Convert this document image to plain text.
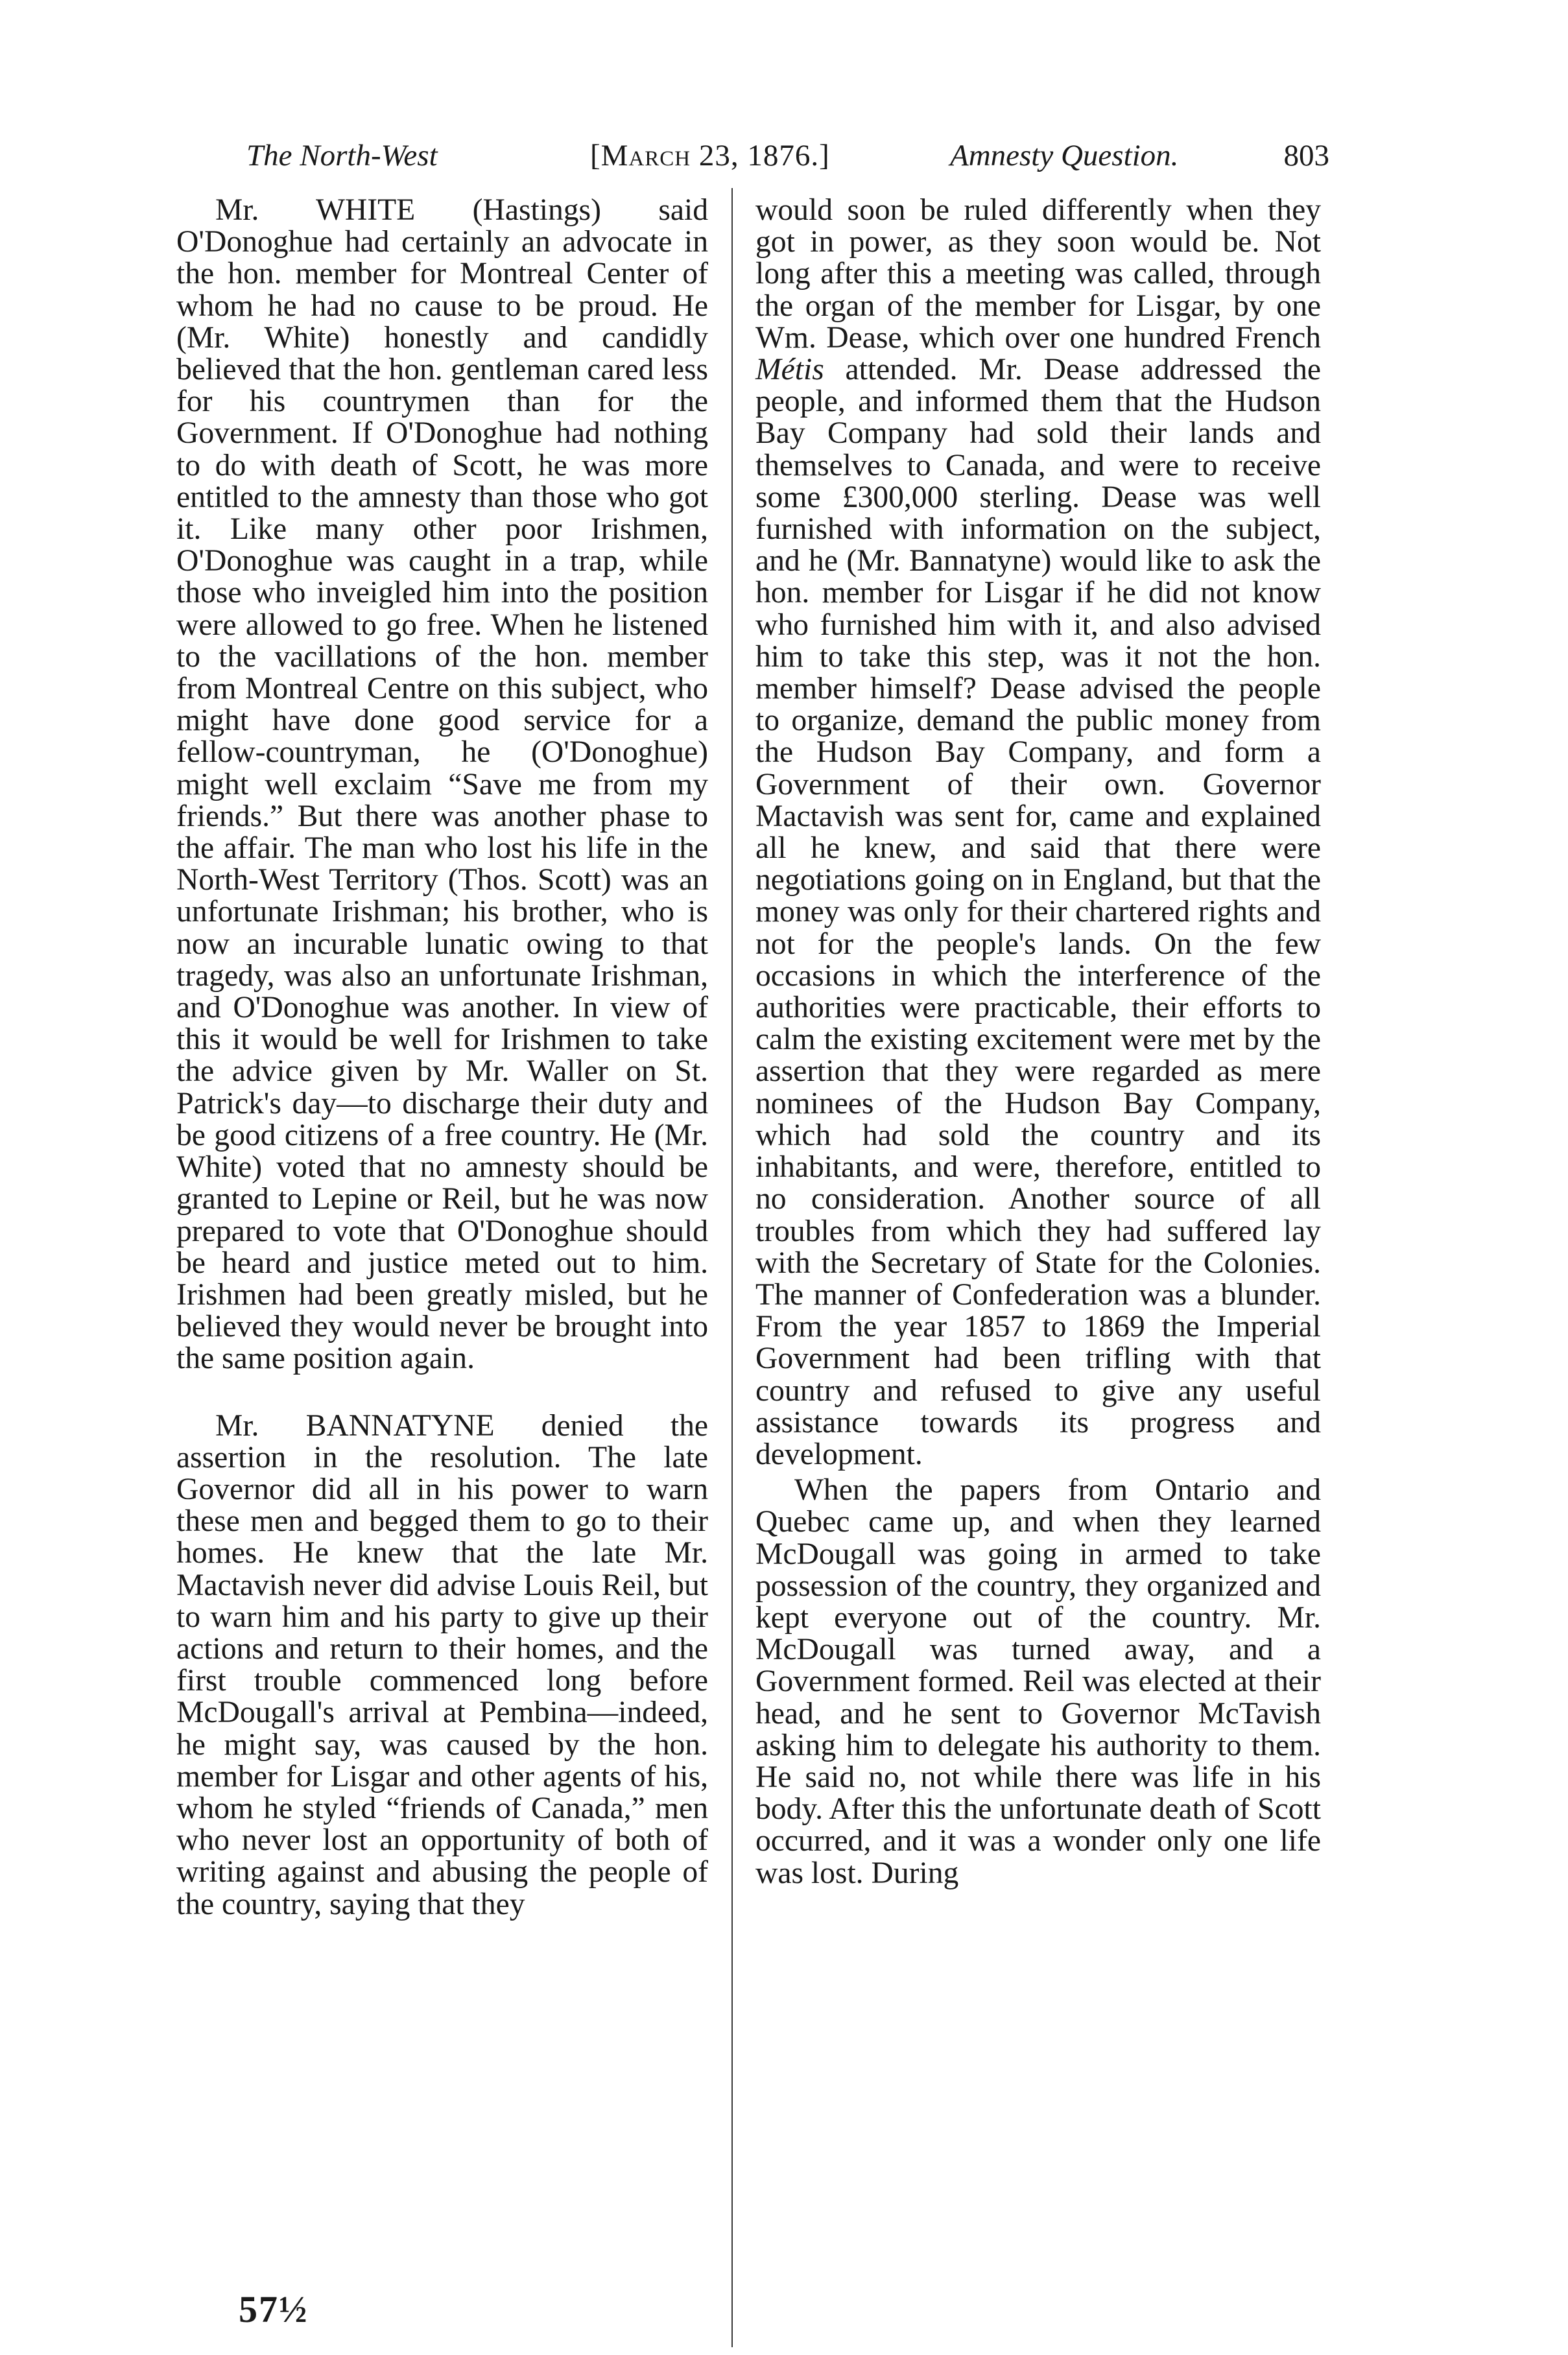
The North-West	[March 23, 1876.]	Amnesty Question.	803

Mr. WHITE (Hastings) said O'Donoghue had certainly an advocate in the hon. member for Montreal Center of whom he had no cause to be proud. He (Mr. White) honestly and candidly believed that the hon. gentleman cared less for his countrymen than for the Government. If O'Donoghue had nothing to do with death of Scott, he was more entitled to the amnesty than those who got it. Like many other poor Irishmen, O'Donoghue was caught in a trap, while those who inveigled him into the position were allowed to go free. When he listened to the vacillations of the hon. member from Montreal Centre on this subject, who might have done good service for a fellow-countryman, he (O'Donoghue) might well exclaim “Save me from my friends.” But there was another phase to the affair. The man who lost his life in the North-West Territory (Thos. Scott) was an unfortunate Irishman; his brother, who is now an incurable lunatic owing to that tragedy, was also an unfortunate Irishman, and O'Donoghue was another. In view of this it would be well for Irishmen to take the advice given by Mr. Waller on St. Patrick's day—to discharge their duty and be good citizens of a free country. He (Mr. White) voted that no amnesty should be granted to Lepine or Reil, but he was now prepared to vote that O'Donoghue should be heard and justice meted out to him. Irishmen had been greatly misled, but he believed they would never be brought into the same position again.

Mr. BANNATYNE denied the assertion in the resolution. The late Governor did all in his power to warn these men and begged them to go to their homes. He knew that the late Mr. Mactavish never did advise Louis Reil, but to warn him and his party to give up their actions and return to their homes, and the first trouble commenced long before McDougall's arrival at Pembina—indeed, he might say, was caused by the hon. member for Lisgar and other agents of his, whom he styled “friends of Canada,” men who never lost an opportunity of both of writing against and abusing the people of the country, saying that they

would soon be ruled differently when they got in power, as they soon would be. Not long after this a meeting was called, through the organ of the member for Lisgar, by one Wm. Dease, which over one hundred French Métis attended. Mr. Dease addressed the people, and informed them that the Hudson Bay Company had sold their lands and themselves to Canada, and were to receive some £300,000 sterling. Dease was well furnished with information on the subject, and he (Mr. Bannatyne) would like to ask the hon. member for Lisgar if he did not know who furnished him with it, and also advised him to take this step, was it not the hon. member himself? Dease advised the people to organize, demand the public money from the Hudson Bay Company, and form a Government of their own. Governor Mactavish was sent for, came and explained all he knew, and said that there were negotiations going on in England, but that the money was only for their chartered rights and not for the people's lands. On the few occasions in which the interference of the authorities were practicable, their efforts to calm the existing excitement were met by the assertion that they were regarded as mere nominees of the Hudson Bay Company, which had sold the country and its inhabitants, and were, therefore, entitled to no consideration. Another source of all troubles from which they had suffered lay with the Secretary of State for the Colonies. The manner of Confederation was a blunder. From the year 1857 to 1869 the Imperial Government had been trifling with that country and refused to give any useful assistance towards its progress and development.

When the papers from Ontario and Quebec came up, and when they learned McDougall was going in armed to take possession of the country, they organized and kept everyone out of the country. Mr. McDougall was turned away, and a Government formed. Reil was elected at their head, and he sent to Governor McTavish asking him to delegate his authority to them. He said no, not while there was life in his body. After this the unfortunate death of Scott occurred, and it was a wonder only one life was lost. During

57½
